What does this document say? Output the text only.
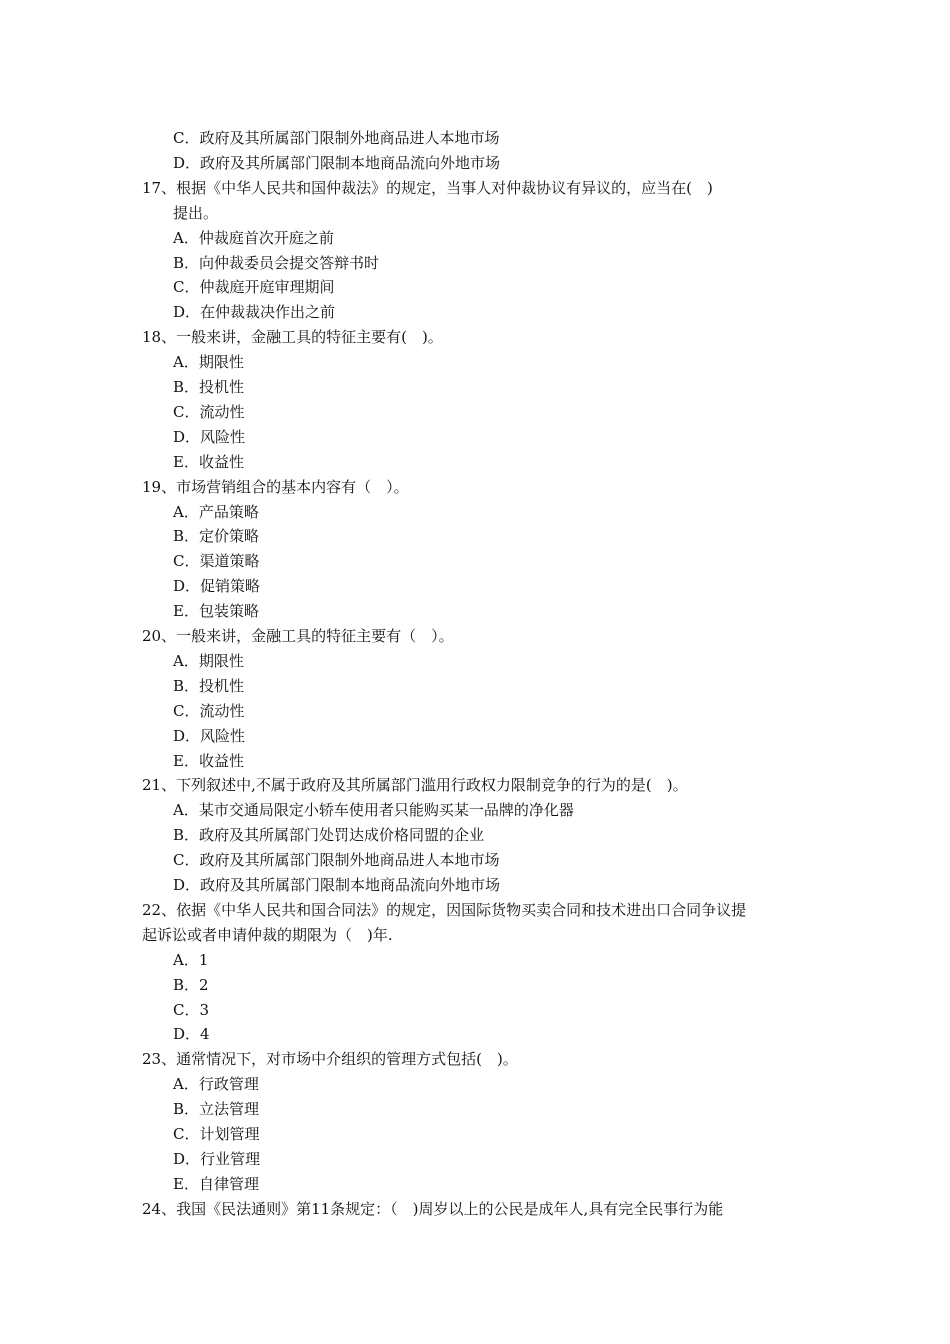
C．政府及其所属部门限制外地商品进人本地市场
D．政府及其所属部门限制本地商品流向外地市场
17、根据《中华人民共和国仲裁法》的规定，当事人对仲裁协议有异议的，应当在(　)
提出。
A．仲裁庭首次开庭之前
B．向仲裁委员会提交答辩书时
C．仲裁庭开庭审理期间
D．在仲裁裁决作出之前
18、一般来讲，金融工具的特征主要有(　)。
A．期限性
B．投机性
C．流动性
D．风险性
E．收益性
19、市场营销组合的基本内容有（　）。
A．产品策略
B．定价策略
C．渠道策略
D．促销策略
E．包装策略
20、一般来讲，金融工具的特征主要有（　）。
A．期限性
B．投机性
C．流动性
D．风险性
E．收益性
21、下列叙述中,不属于政府及其所属部门滥用行政权力限制竞争的行为的是(　)。
A．某市交通局限定小轿车使用者只能购买某一品牌的净化器
B．政府及其所属部门处罚达成价格同盟的企业
C．政府及其所属部门限制外地商品进人本地市场
D．政府及其所属部门限制本地商品流向外地市场
22、依据《中华人民共和国合同法》的规定，因国际货物买卖合同和技术进出口合同争议提
起诉讼或者申请仲裁的期限为（　)年.
A．1
B．2
C．3
D．4
23、通常情况下，对市场中介组织的管理方式包括(　)。
A．行政管理
B．立法管理
C．计划管理
D．行业管理
E．自律管理
24、我国《民法通则》第11条规定：（　)周岁以上的公民是成年人,具有完全民事行为能
